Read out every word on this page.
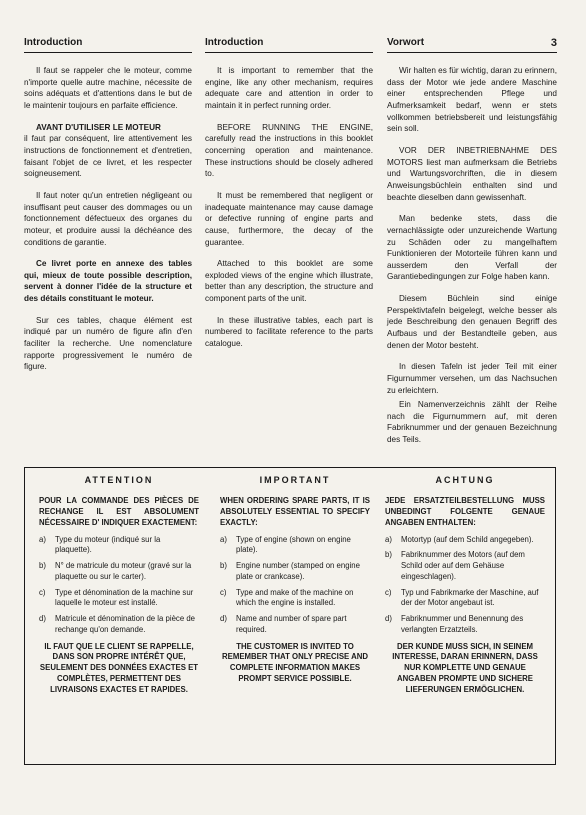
Introduction

Il faut se rappeler che le moteur, comme n'importe quelle autre machine, nécessite de soins adéquats et d'attentions dans le but de le maintenir toujours en parfaite efficience.

AVANT D'UTILISER LE MOTEUR

il faut par conséquent, lire attentivement les instructions de fonctionnement et d'entretien, faisant l'objet de ce livret, et les respecter soigneusement.

Il faut noter qu'un entretien négligeant ou insuffisant peut causer des dommages ou un fonctionnement défectueux des organes du moteur, et produire aussi la déchéance des conditions de garantie.

Ce livret porte en annexe des tables qui, mieux de toute possible description, servent à donner l'idée de la structure et des détails constituant le moteur.

Sur ces tables, chaque élément est indiqué par un numéro de figure afin d'en faciliter la recherche. Une nomenclature rapporte progressivement le numéro de figure.

Introduction

It is important to remember that the engine, like any other mechanism, requires adequate care and attention in order to maintain it in perfect running order.

BEFORE RUNNING THE ENGINE, carefully read the instructions in this booklet concerning operation and maintenance. These instructions should be closely adhered to.

It must be remembered that negligent or inadequate maintenance may cause damage or defective running of engine parts and cause, furthermore, the decay of the guarantee.

Attached to this booklet are some exploded views of the engine which illustrate, better than any description, the structure and component parts of the unit.

In these illustrative tables, each part is numbered to facilitate reference to the parts catalogue.

Vorwort	3

Wir halten es für wichtig, daran zu erinnern, dass der Motor wie jede andere Maschine einer entsprechenden Pflege und Aufmerksamkeit bedarf, wenn er stets vollkommen betriebsbereit und leistungsfähig sein soll.

VOR DER INBETRIEBNAHME DES MOTORS liest man aufmerksam die Betriebs und Wartungsvorchriften, die in diesem Anweisungsbüchlein enthalten sind und beachte dieselben dann gewissenhaft.

Man bedenke stets, dass die vernachlässigte oder unzureichende Wartung zu Schäden oder zu mangelhaftem Funktionieren der Motorteile führen kann und ausserdem den Verfall der Garantiebedingungen zur Folge haben kann.

Diesem Büchlein sind einige Perspektivtafeln beigelegt, welche besser als jede Beschreibung den genauen Begriff des Aufbaus und der Bestandteile geben, aus denen der Motor besteht.

In diesen Tafeln ist jeder Teil mit einer Figurnummer versehen, um das Nachsuchen zu erleichtern.

Ein Namenverzeichnis zählt der Reihe nach die Figurnummern auf, mit deren Fabriknummer und der genauen Bezeichnung des Teils.

ATTENTION

POUR LA COMMANDE DES PIÈCES DE RECHANGE IL EST ABSOLUMENT NÉCESSAIRE D' INDIQUER EXACTEMENT:

a)	Type du moteur (indiqué sur la plaquette).
b)	N° de matricule du moteur (gravé sur la plaquette ou sur le carter).
c)	Type et dénomination de la machine sur laquelle le moteur est installé.
d)	Matricule et dénomination de la pièce de rechange qu'on demande.

IL FAUT QUE LE CLIENT SE RAPPELLE, DANS SON PROPRE INTÉRÊT QUE, SEULEMENT DES DONNÉES EXACTES ET COMPLÈTES, PERMETTENT DES LIVRAISONS EXACTES ET RAPIDES.

IMPORTANT

WHEN ORDERING SPARE PARTS, IT IS ABSOLUTELY ESSENTIAL TO SPECIFY EXACTLY:

a)	Type of engine (shown on engine plate).
b)	Engine number (stamped on engine plate or crankcase).
c)	Type and make of the machine on which the engine is installed.
d)	Name and number of spare part required.

THE CUSTOMER IS INVITED TO REMEMBER THAT ONLY PRECISE AND COMPLETE INFORMATION MAKES PROMPT SERVICE POSSIBLE.

ACHTUNG

JEDE ERSATZTEILBESTELLUNG MUSS UNBEDINGT FOLGENTE GENAUE ANGABEN ENTHALTEN:

a)	Motortyp (auf dem Schild angegeben).
b)	Fabriknummer des Motors (auf dem Schild oder auf dem Gehäuse eingeschlagen).
c)	Typ und Fabrikmarke der Maschine, auf der der Motor angebaut ist.
d)	Fabriknummer und Benennung des verlangten Erzatzteils.

DER KUNDE MUSS SICH, IN SEINEM INTERESSE, DARAN ERINNERN, DASS NUR KOMPLETTE UND GENAUE ANGABEN PROMPTE UND SICHERE LIEFERUNGEN ERMÖGLICHEN.
